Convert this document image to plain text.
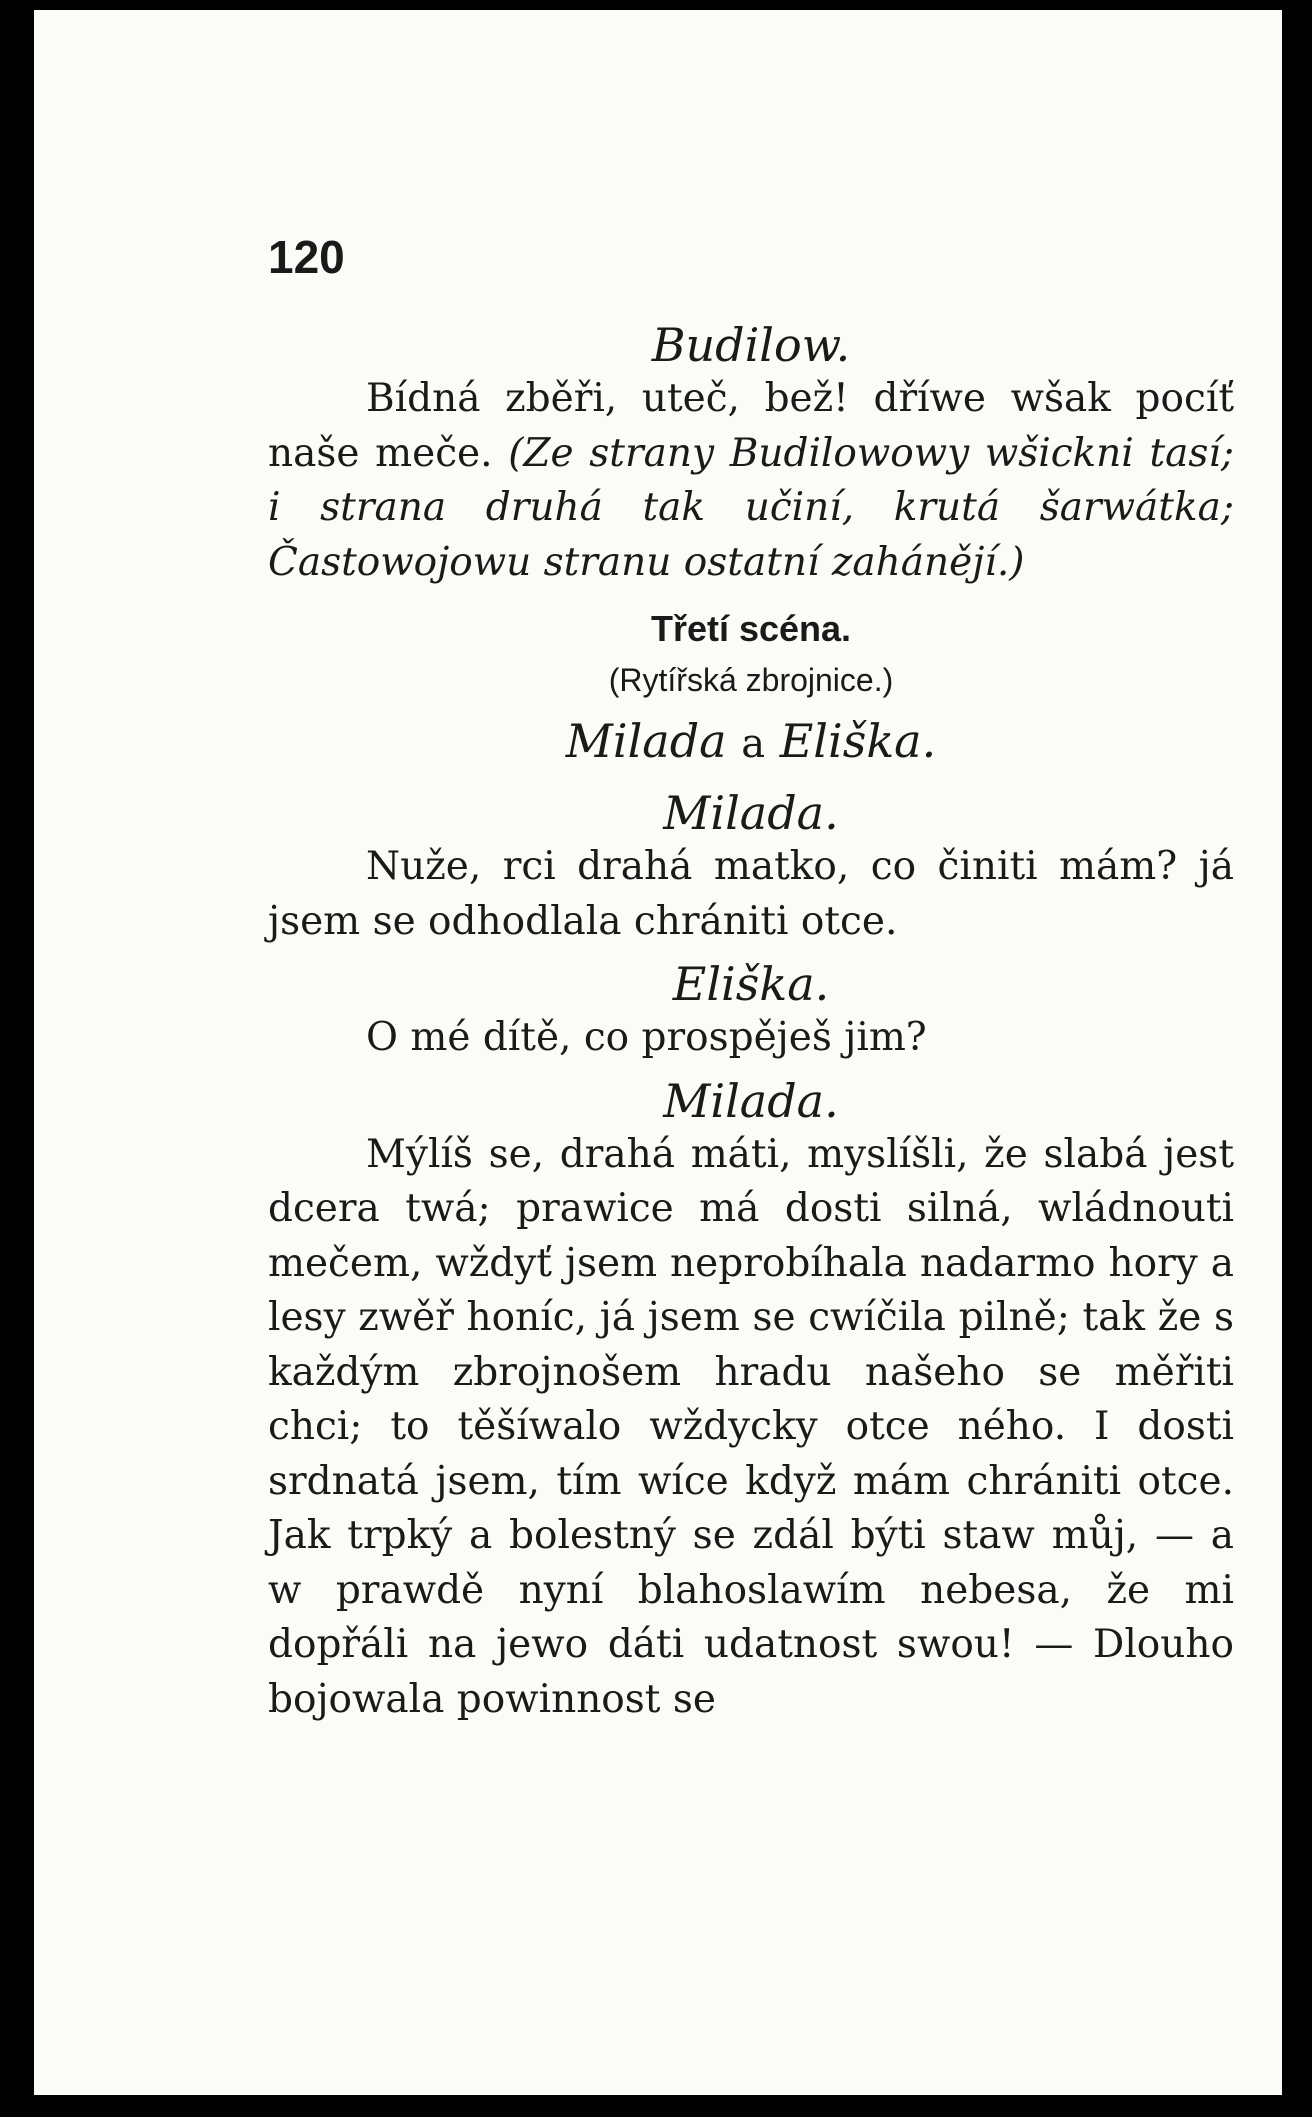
120

Budilow.

Bídná zběři, uteč, bež! dříwe wšak pocíť naše meče. (Ze strany Budilowowy wšickni tasí; i strana druhá tak učiní, krutá šarwátka; Častowojowu stranu ostatní zahánějí.)

Třetí scéna.
(Rytířská zbrojnice.)
Milada a Eliška.

Milada.

Nuže, rci drahá matko, co činiti mám? já jsem se odhodlala chrániti otce.

Eliška.

O mé dítě, co prospěješ jim?

Milada.

Mýlíš se, drahá máti, myslíšli, že slabá jest dcera twá; prawice má dosti silná, wládnouti mečem, wždyť jsem neprobíhala nadarmo hory a lesy zwěř honíc, já jsem se cwíčila pilně; tak že s každým zbrojnošem hradu našeho se měřiti chci; to těšíwalo wždycky otce ného. I dosti srdnatá jsem, tím wíce když mám chrániti otce. Jak trpký a bolestný se zdál býti staw můj, — a w prawdě nyní blahoslawím nebesa, že mi dopřáli na jewo dáti udatnost swou! — Dlouho bojowala powinnost se
